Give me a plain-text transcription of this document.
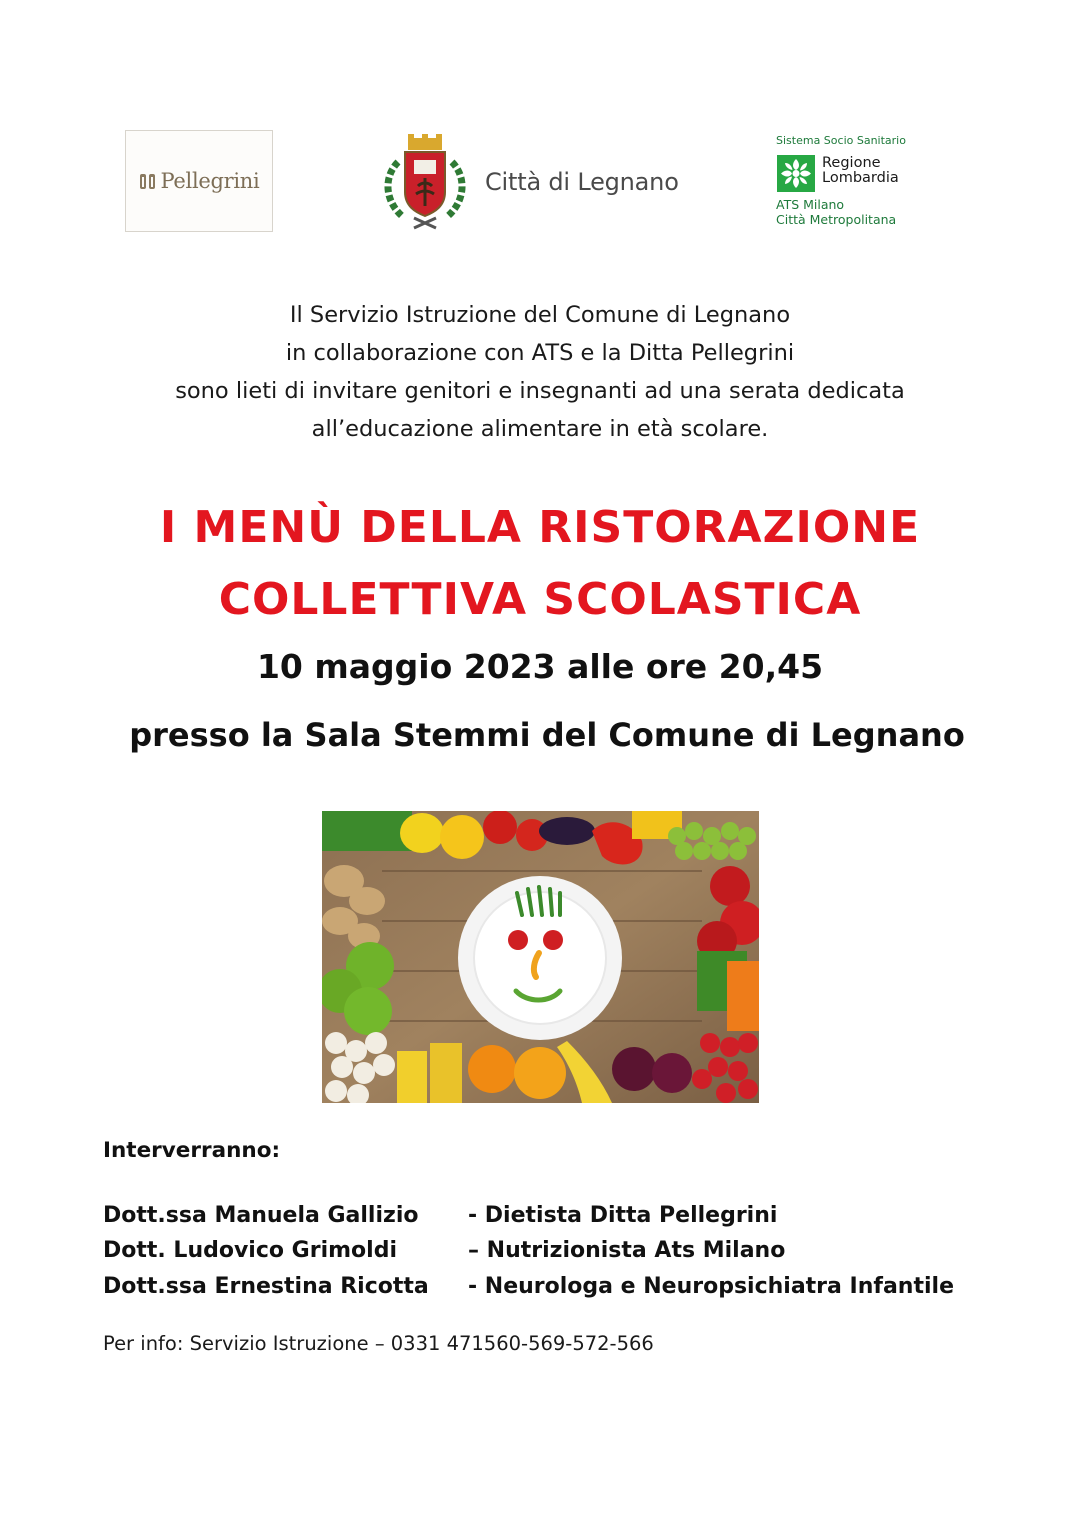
Pellegrini	Città di Legnano
Sistema Socio Sanitario
Regione
Lombardia
ATS Milano
Città Metropolitana
Il Servizio Istruzione del Comune di Legnano
in collaborazione con ATS e la Ditta Pellegrini
sono lieti di invitare genitori e insegnanti ad una serata dedicata
all’educazione alimentare in età scolare.
I MENÙ DELLA RISTORAZIONE
COLLETTIVA SCOLASTICA
10 maggio 2023 alle ore 20,45
presso la Sala Stemmi del Comune di Legnano
Interverranno:
Dott.ssa Manuela Gallizio - Dietista Ditta Pellegrini
Dott. Ludovico Grimoldi	– Nutrizionista Ats Milano
Dott.ssa Ernestina Ricotta - Neurologa e Neuropsichiatra Infantile
Per info: Servizio Istruzione – 0331 471560-569-572-566
